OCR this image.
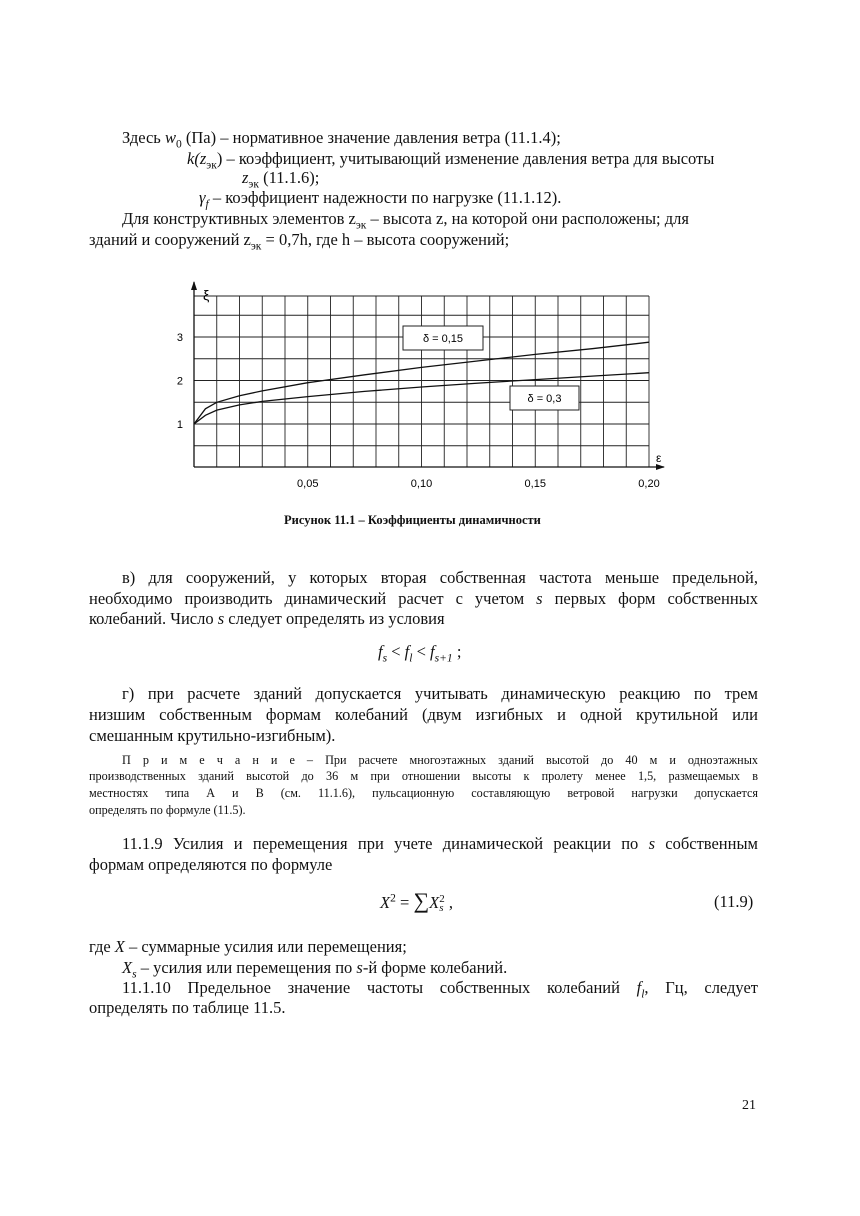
Здесь $w_0$ (Па) – нормативное значение давления ветра (11.1.4);
$k(z_{эк})$ – коэффициент, учитывающий изменение давления ветра для высоты
$z_{эк}$ (11.1.6);
$\gamma_f$ – коэффициент надежности по нагрузке (11.1.12).
Для конструктивных элементов $z_{эк}$ – высота z, на которой они расположены; для
зданий и сооружений $z_{эк} = 0,7h$, где h – высота сооружений;
ξ
ε
0,05	0,10	0,15	0,20
1
2
3	δ = 0,15
δ = 0,3
Рисунок 11.1 – Коэффициенты динамичности
в) для сооружений, у которых вторая собственная частота меньше предельной,
необходимо производить динамический расчет с учетом s первых форм собственных
колебаний. Число s следует определять из условия
$f_s < f_l < f_{s+1}$ ;
г) при расчете зданий допускается учитывать динамическую реакцию по трем
низшим собственным формам колебаний (двум изгибных и одной крутильной или
смешанным крутильно-изгибным).
П р и м е ч а н и е – При расчете многоэтажных зданий высотой до 40 м и одноэтажных
производственных зданий высотой до 36 м при отношении высоты к пролету менее 1,5, размещаемых в
местностях типа А и В (см. 11.1.6), пульсационную составляющую ветровой нагрузки допускается
определять по формуле (11.5).
11.1.9 Усилия и перемещения при учете динамической реакции по s собственным
формам определяются по формуле
$X^2 = \sum X$ 2
s ,	(11.9)
где X – суммарные усилия или перемещения;
$X_s$ – усилия или перемещения по s-й форме колебаний.
11.1.10 Предельное значение частоты собственных колебаний $f_l$, Гц, следует
определять по таблице 11.5.
21
